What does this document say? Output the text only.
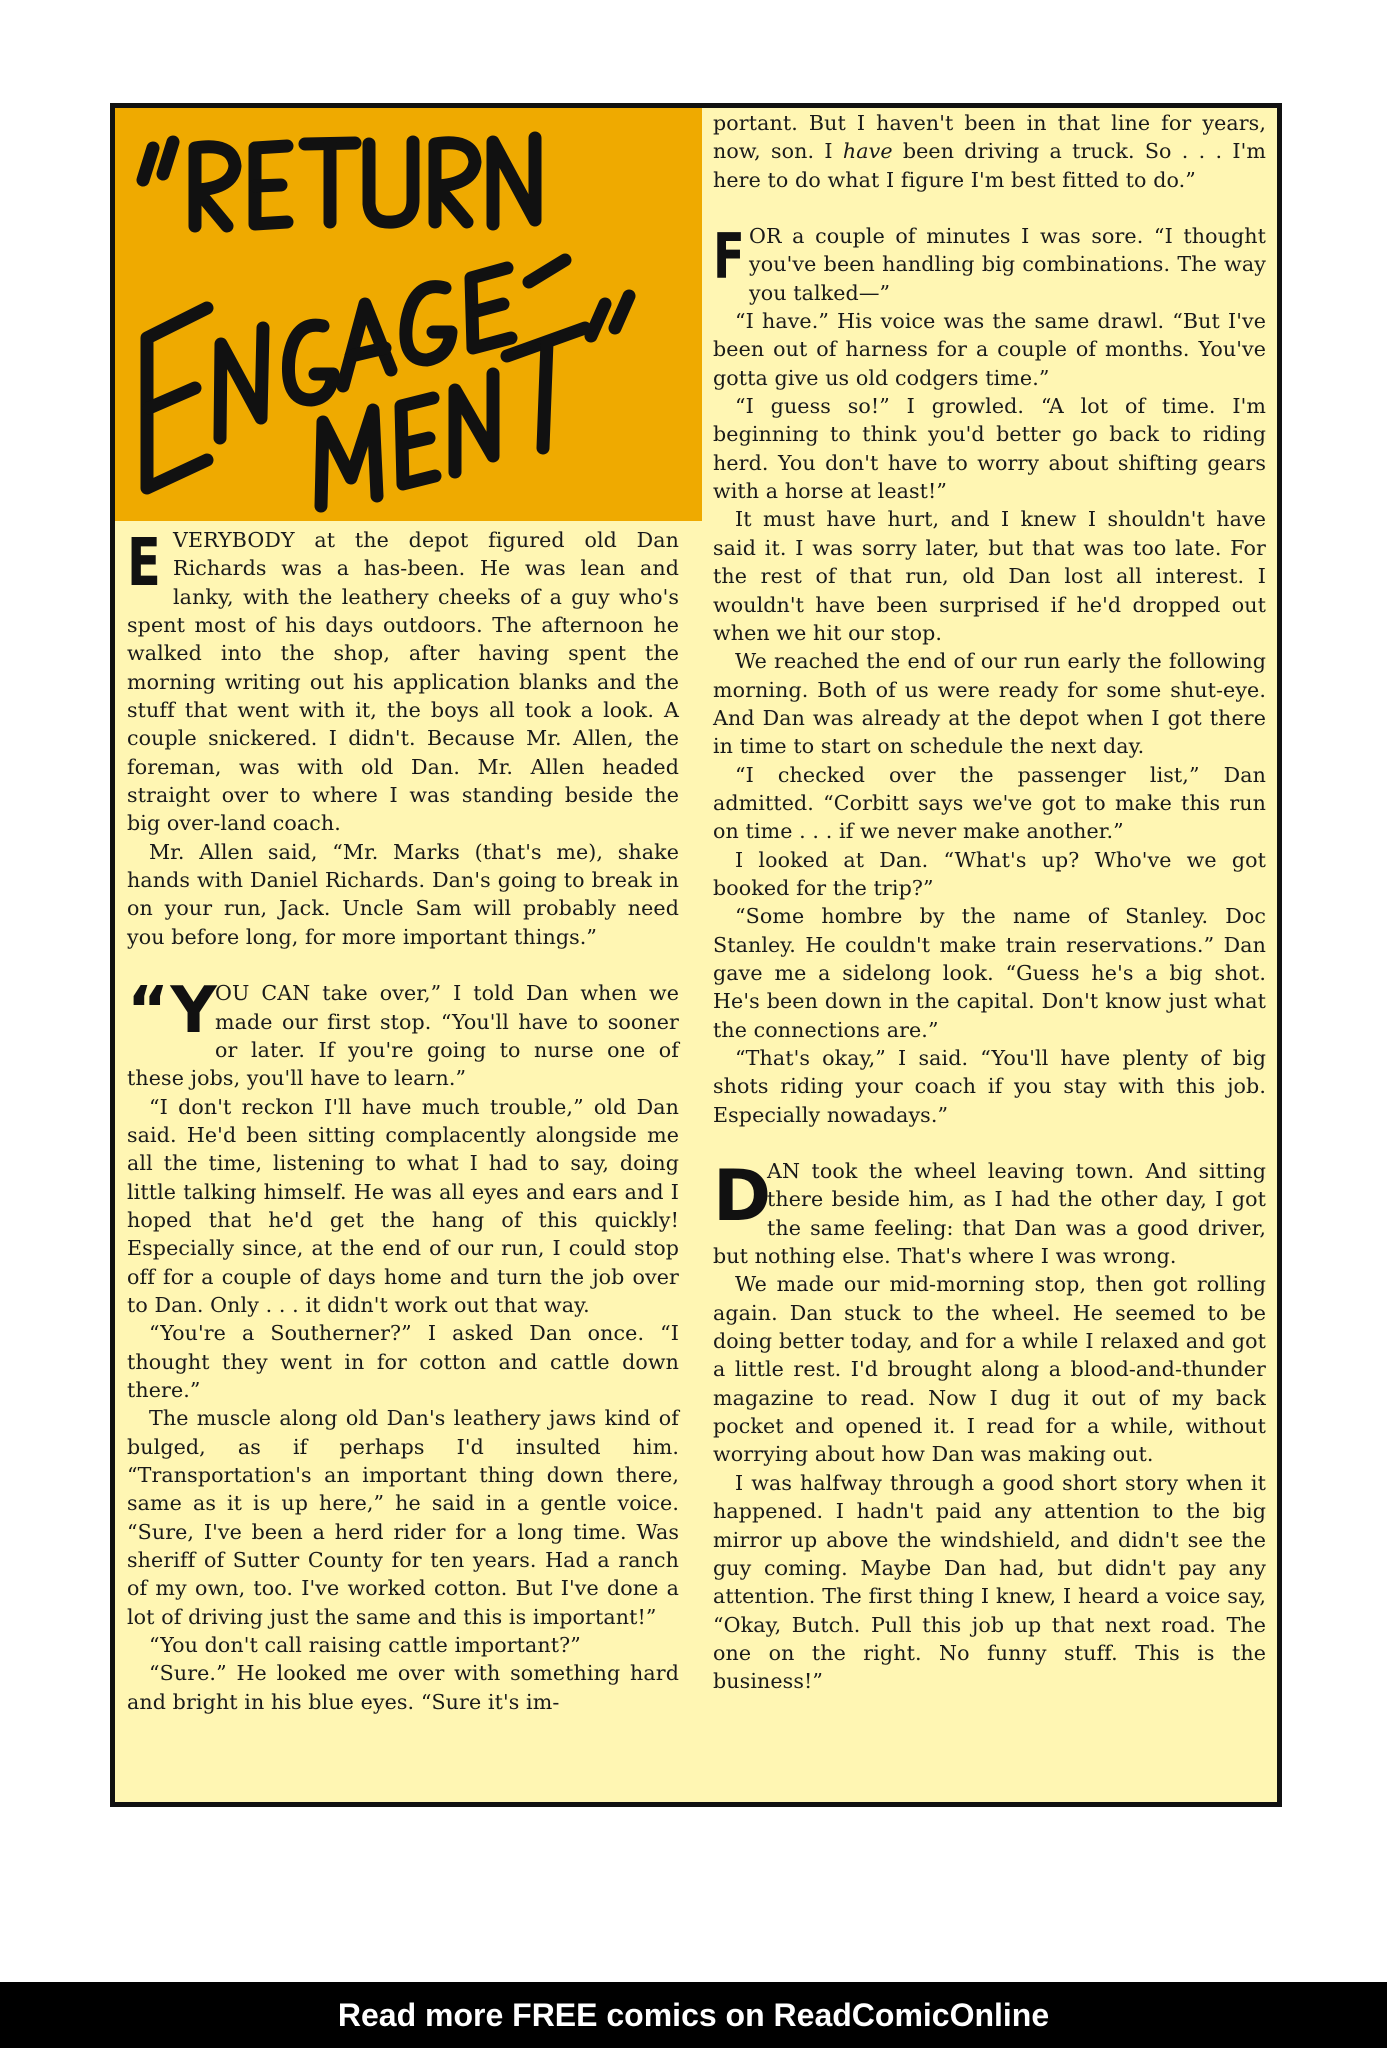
E VERYBODY at the depot figured old Dan Richards was a has-been. He was lean and lanky, with the leathery cheeks of a guy who's spent most of his days outdoors. The afternoon he walked into the shop, after having spent the morning writing out his application blanks and the stuff that went with it, the boys all took a look. A couple snickered. I didn't. Because Mr. Allen, the foreman, was with old Dan. Mr. Allen headed straight over to where I was standing beside the big over-land coach.

Mr. Allen said, “Mr. Marks (that's me), shake hands with Daniel Richards. Dan's going to break in on your run, Jack. Uncle Sam will probably need you before long, for more important things.”

“Y

OU CAN take over,” I told Dan when we made our first stop. “You'll have to sooner or later. If you're going to nurse one of these jobs, you'll have to learn.”

“I don't reckon I'll have much trouble,” old Dan said. He'd been sitting complacently alongside me all the time, listening to what I had to say, doing little talking himself. He was all eyes and ears and I hoped that he'd get the hang of this quickly! Especially since, at the end of our run, I could stop off for a couple of days home and turn the job over to Dan. Only . . . it didn't work out that way.

“You're a Southerner?” I asked Dan once. “I thought they went in for cotton and cattle down there.”

The muscle along old Dan's leathery jaws kind of bulged, as if perhaps I'd insulted him. “Transportation's an important thing down there, same as it is up here,” he said in a gentle voice. “Sure, I've been a herd rider for a long time. Was sheriff of Sutter County for ten years. Had a ranch of my own, too. I've worked cotton. But I've done a lot of driving just the same and this is important!”

“You don't call raising cattle important?”

“Sure.” He looked me over with something hard and bright in his blue eyes. “Sure it's im-

portant. But I haven't been in that line for years, now, son. I have been driving a truck. So . . . I'm here to do what I figure I'm best fitted to do.”

F OR a couple of minutes I was sore. “I thought you've been handling big combinations. The way you talked—”

“I have.” His voice was the same drawl. “But I've been out of harness for a couple of months. You've gotta give us old codgers time.”

“I guess so!” I growled. “A lot of time. I'm beginning to think you'd better go back to riding herd. You don't have to worry about shifting gears with a horse at least!”

It must have hurt, and I knew I shouldn't have said it. I was sorry later, but that was too late. For the rest of that run, old Dan lost all interest. I wouldn't have been surprised if he'd dropped out when we hit our stop.

We reached the end of our run early the following morning. Both of us were ready for some shut-eye. And Dan was already at the depot when I got there in time to start on schedule the next day.

“I checked over the passenger list,” Dan admitted. “Corbitt says we've got to make this run on time . . . if we never make another.”

I looked at Dan. “What's up? Who've we got booked for the trip?”

“Some hombre by the name of Stanley. Doc Stanley. He couldn't make train reservations.” Dan gave me a sidelong look. “Guess he's a big shot. He's been down in the capital. Don't know just what the connections are.”

“That's okay,” I said. “You'll have plenty of big shots riding your coach if you stay with this job. Especially nowadays.”

D

AN took the wheel leaving town. And sitting there beside him, as I had the other day, I got the same feeling: that Dan was a good driver, but nothing else. That's where I was wrong.

We made our mid-morning stop, then got rolling again. Dan stuck to the wheel. He seemed to be doing better today, and for a while I relaxed and got a little rest. I'd brought along a blood-and-thunder magazine to read. Now I dug it out of my back pocket and opened it. I read for a while, without worrying about how Dan was making out.

I was halfway through a good short story when it happened. I hadn't paid any attention to the big mirror up above the windshield, and didn't see the guy coming. Maybe Dan had, but didn't pay any attention. The first thing I knew, I heard a voice say, “Okay, Butch. Pull this job up that next road. The one on the right. No funny stuff. This is the business!”

Read more FREE comics on ReadComicOnline
